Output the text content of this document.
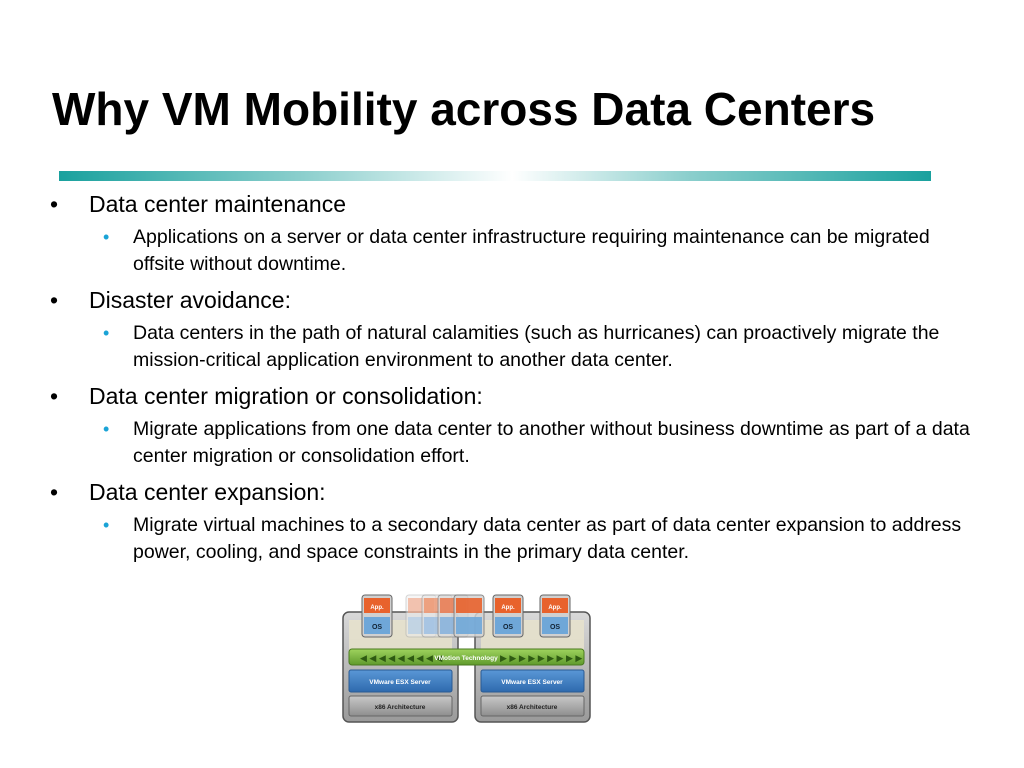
Why VM Mobility across Data Centers
• Data center maintenance
• Applications on a server or data center infrastructure requiring maintenance can be migrated offsite without downtime.
• Disaster avoidance:
• Data centers in the path of natural calamities (such as hurricanes) can proactively migrate the mission-critical application environment to another data center.
• Data center migration or consolidation:
• Migrate applications from one data center to another without business downtime as part of a data center migration or consolidation effort.
• Data center expansion:
• Migrate virtual machines to a secondary data center as part of data center expansion to address power, cooling, and space constraints in the primary data center.
App.
OS
App.
OS
App.
OS
◀ ◀ ◀ ◀ ◀ ◀ ◀ ◀ ◀	▶ ▶ ▶ ▶ ▶ ▶ ▶ ▶ ▶
VMotion Technology
VMware ESX Server	VMware ESX Server
x86 Architecture	x86 Architecture
